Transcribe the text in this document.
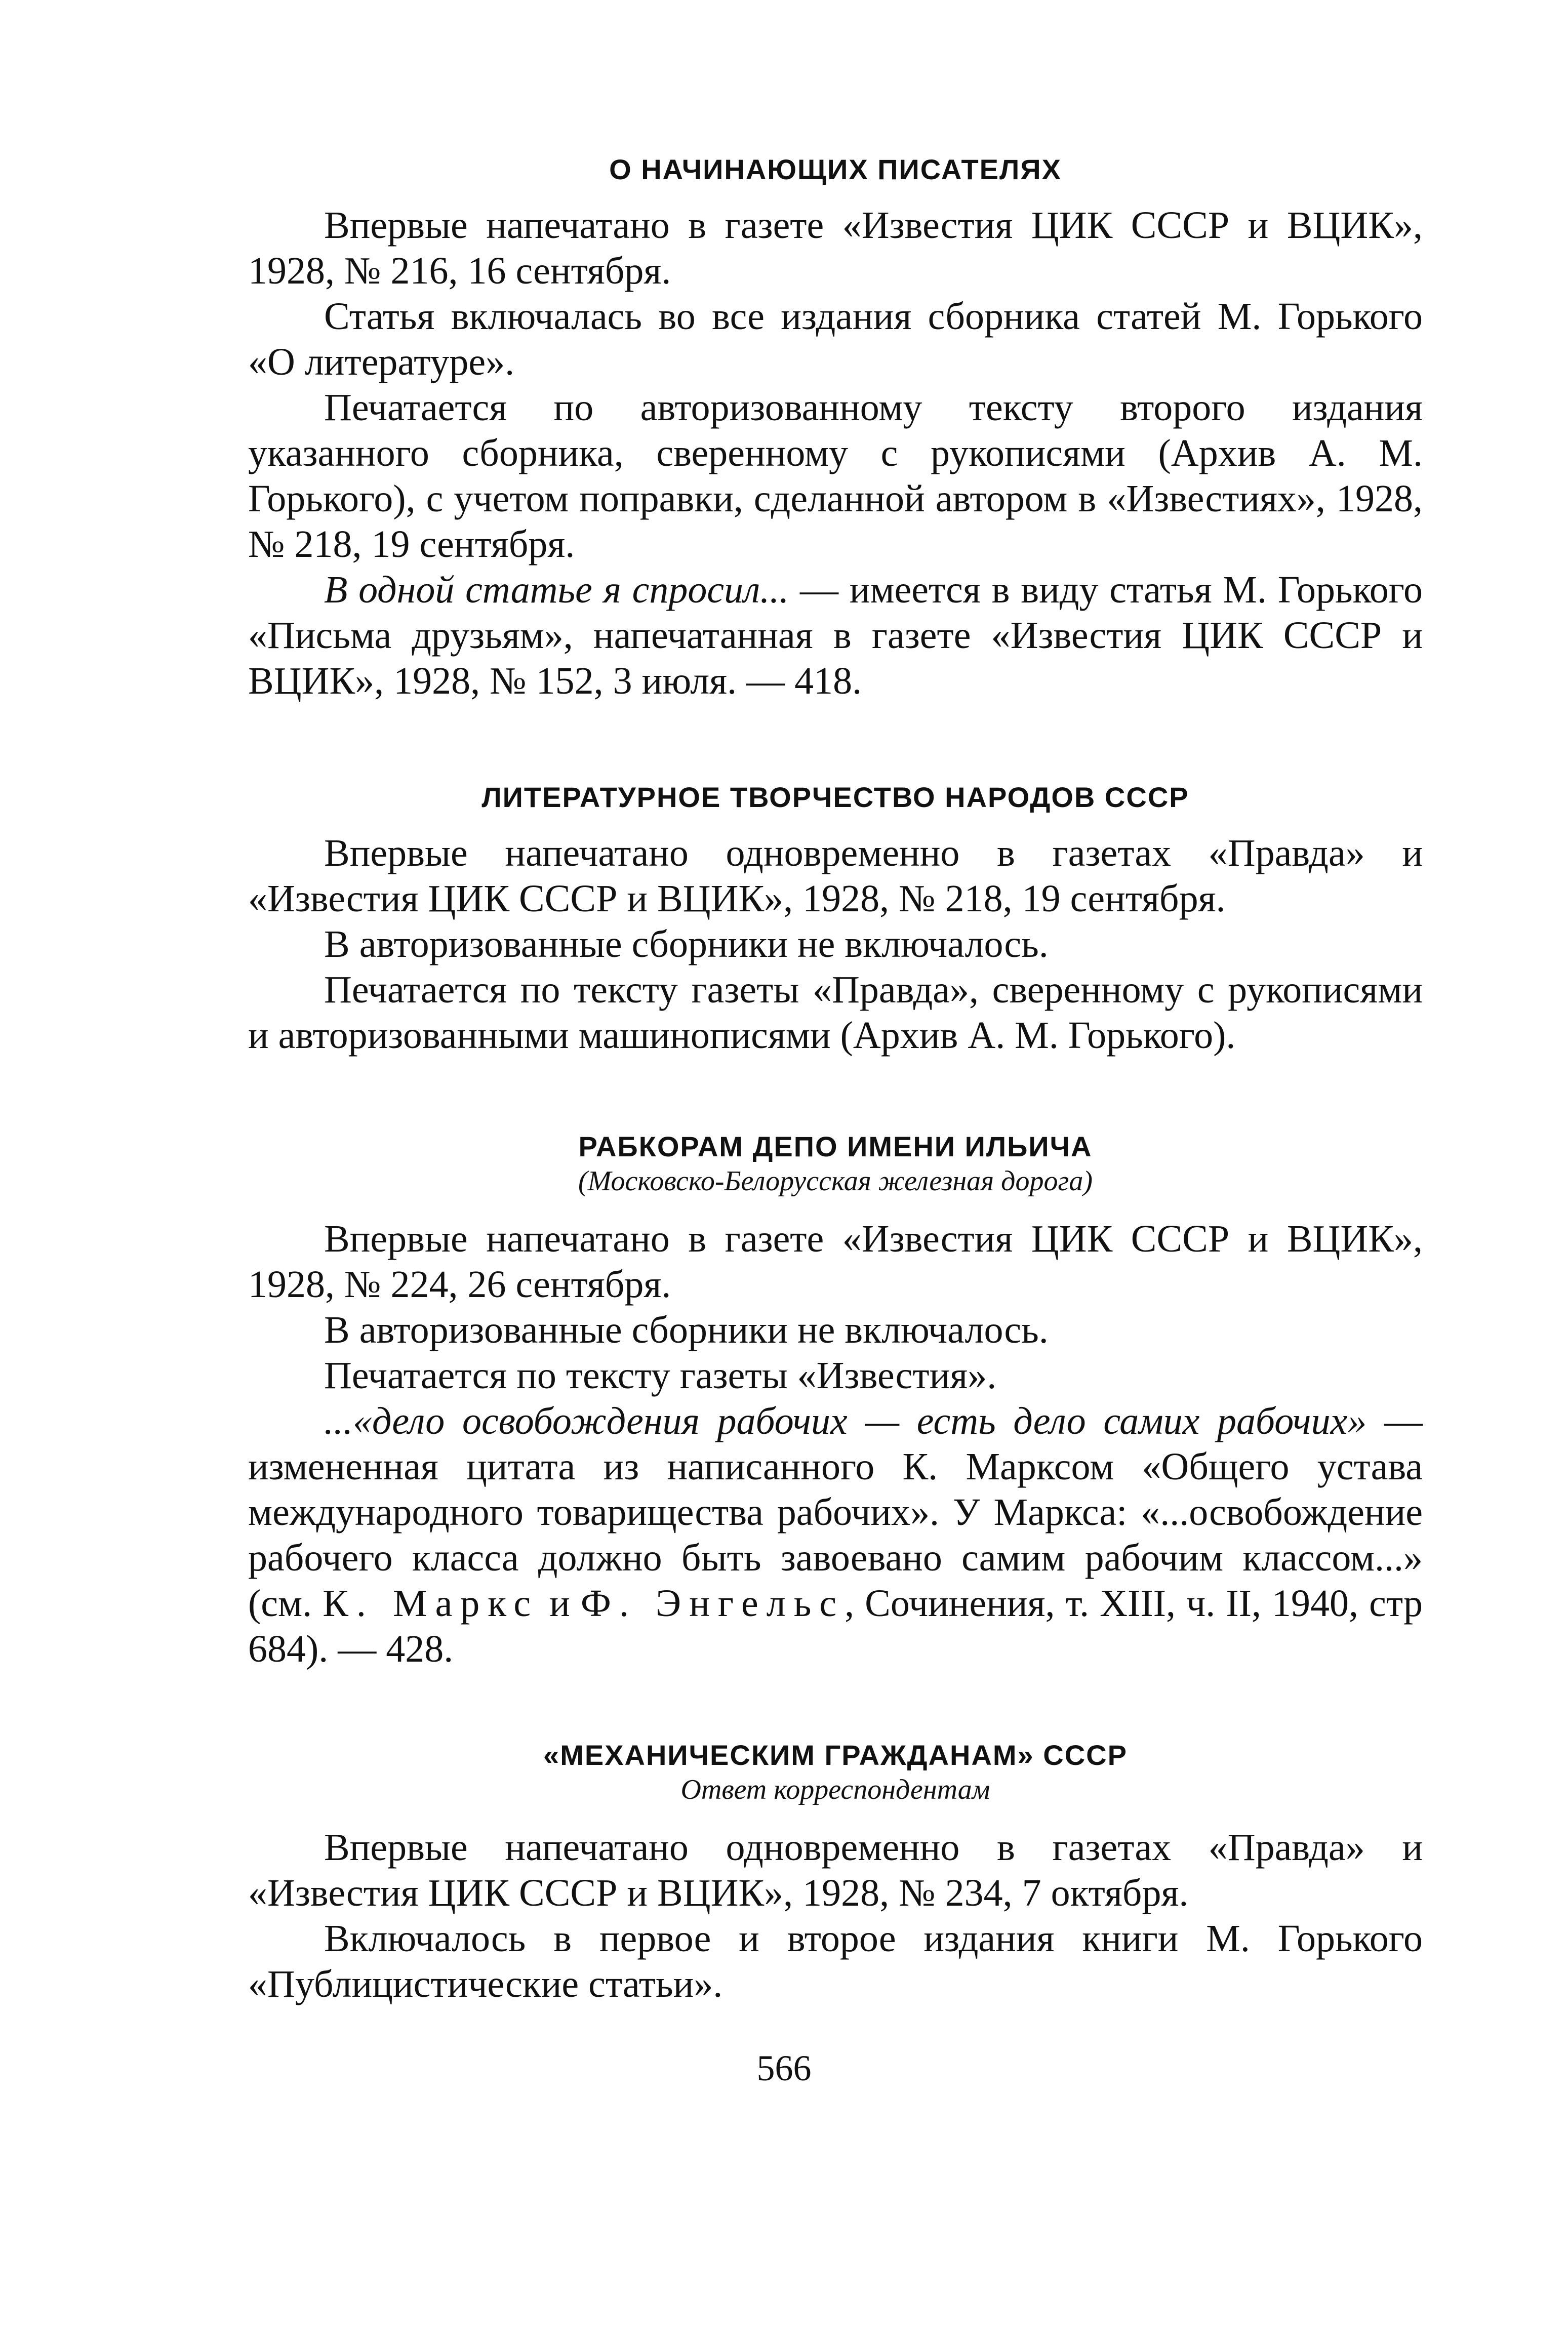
О НАЧИНАЮЩИХ ПИСАТЕЛЯХ

Впервые напечатано в газете «Известия ЦИК СССР и ВЦИК», 1928, № 216, 16 сентября.

Статья включалась во все издания сборника статей М. Горького «О литературе».

Печатается по авторизованному тексту второго издания указанного сборника, сверенному с рукописями (Архив А. М. Горького), с учетом поправки, сделанной автором в «Известиях», 1928, № 218, 19 сентября.

В одной статье я спросил... — имеется в виду статья М. Горького «Письма друзьям», напечатанная в газете «Известия ЦИК СССР и ВЦИК», 1928, № 152, 3 июля. — 418.

ЛИТЕРАТУРНОЕ ТВОРЧЕСТВО НАРОДОВ СССР

Впервые напечатано одновременно в газетах «Правда» и «Известия ЦИК СССР и ВЦИК», 1928, № 218, 19 сентября.

В авторизованные сборники не включалось.

Печатается по тексту газеты «Правда», сверенному с рукописями и авторизованными машинописями (Архив А. М. Горького).

РАБКОРАМ ДЕПО ИМЕНИ ИЛЬИЧА
(Московско-Белорусская железная дорога)

Впервые напечатано в газете «Известия ЦИК СССР и ВЦИК», 1928, № 224, 26 сентября.

В авторизованные сборники не включалось.

Печатается по тексту газеты «Известия».

...«дело освобождения рабочих — есть дело самих рабочих» — измененная цитата из написанного К. Марксом «Общего устава международного товарищества рабочих». У Маркса: «...освобождение рабочего класса должно быть завоевано самим рабочим классом...» (см. К. Маркс и Ф. Энгельс, Сочинения, т. XIII, ч. II, 1940, стр 684). — 428.

«МЕХАНИЧЕСКИМ ГРАЖДАНАМ» СССР
Ответ корреспондентам

Впервые напечатано одновременно в газетах «Правда» и «Известия ЦИК СССР и ВЦИК», 1928, № 234, 7 октября.

Включалось в первое и второе издания книги М. Горького «Публицистические статьи».

566
